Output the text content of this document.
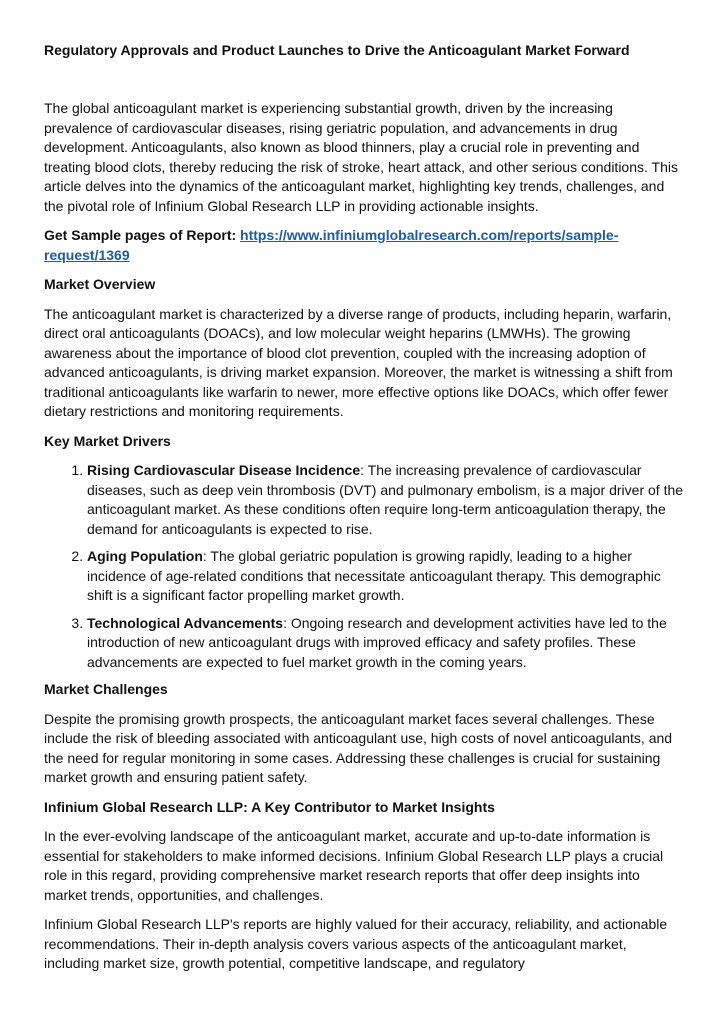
Regulatory Approvals and Product Launches to Drive the Anticoagulant Market Forward

The global anticoagulant market is experiencing substantial growth, driven by the increasing prevalence of cardiovascular diseases, rising geriatric population, and advancements in drug development. Anticoagulants, also known as blood thinners, play a crucial role in preventing and treating blood clots, thereby reducing the risk of stroke, heart attack, and other serious conditions. This article delves into the dynamics of the anticoagulant market, highlighting key trends, challenges, and the pivotal role of Infinium Global Research LLP in providing actionable insights.

Get Sample pages of Report: https://www.infiniumglobalresearch.com/reports/sample-request/1369

Market Overview

The anticoagulant market is characterized by a diverse range of products, including heparin, warfarin, direct oral anticoagulants (DOACs), and low molecular weight heparins (LMWHs). The growing awareness about the importance of blood clot prevention, coupled with the increasing adoption of advanced anticoagulants, is driving market expansion. Moreover, the market is witnessing a shift from traditional anticoagulants like warfarin to newer, more effective options like DOACs, which offer fewer dietary restrictions and monitoring requirements.

Key Market Drivers
1. Rising Cardiovascular Disease Incidence: The increasing prevalence of cardiovascular diseases, such as deep vein thrombosis (DVT) and pulmonary embolism, is a major driver of the anticoagulant market. As these conditions often require long-term anticoagulation therapy, the demand for anticoagulants is expected to rise.
2. Aging Population: The global geriatric population is growing rapidly, leading to a higher incidence of age-related conditions that necessitate anticoagulant therapy. This demographic shift is a significant factor propelling market growth.
3. Technological Advancements: Ongoing research and development activities have led to the introduction of new anticoagulant drugs with improved efficacy and safety profiles. These advancements are expected to fuel market growth in the coming years.
Market Challenges

Despite the promising growth prospects, the anticoagulant market faces several challenges. These include the risk of bleeding associated with anticoagulant use, high costs of novel anticoagulants, and the need for regular monitoring in some cases. Addressing these challenges is crucial for sustaining market growth and ensuring patient safety.

Infinium Global Research LLP: A Key Contributor to Market Insights

In the ever-evolving landscape of the anticoagulant market, accurate and up-to-date information is essential for stakeholders to make informed decisions. Infinium Global Research LLP plays a crucial role in this regard, providing comprehensive market research reports that offer deep insights into market trends, opportunities, and challenges.

Infinium Global Research LLP's reports are highly valued for their accuracy, reliability, and actionable recommendations. Their in-depth analysis covers various aspects of the anticoagulant market, including market size, growth potential, competitive landscape, and regulatory
